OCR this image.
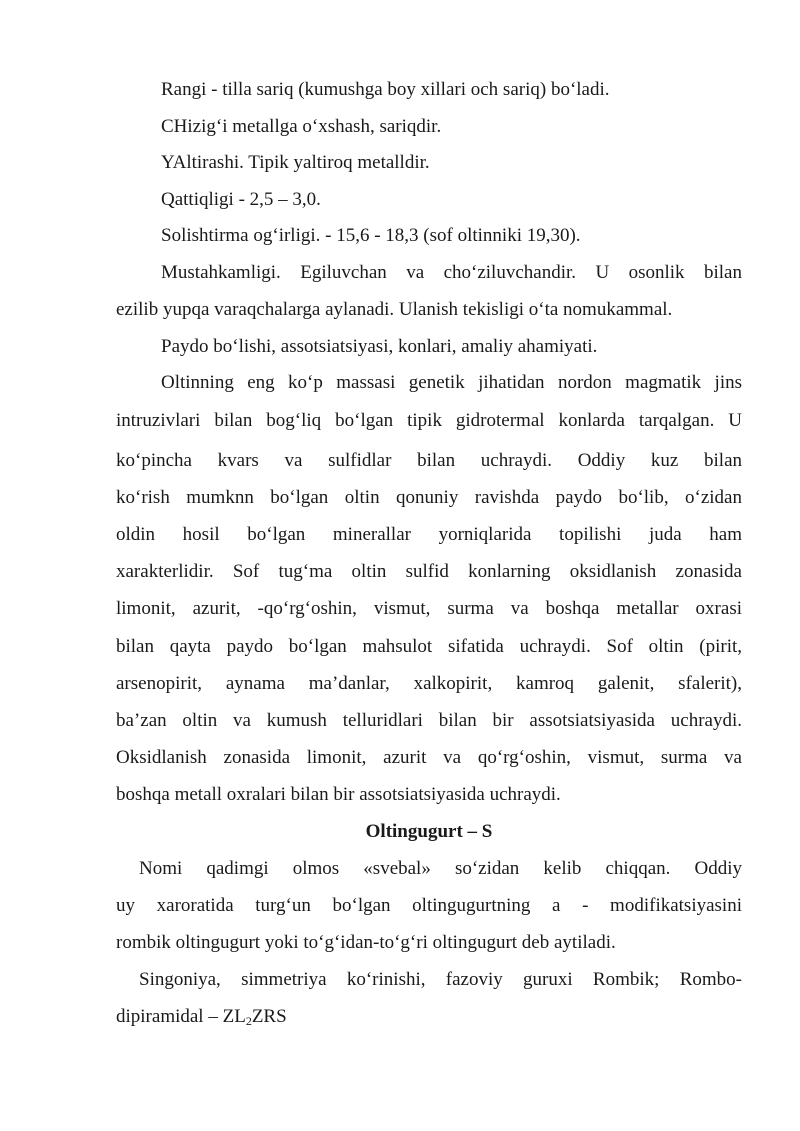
Rangi - tilla sariq (kumushga boy xillari och sariq) bo‘ladi.
CHizig‘i metallga o‘xshash, sariqdir.
YAltirashi. Tipik yaltiroq metalldir.
Qattiqligi - 2,5 – 3,0.
Solishtirma og‘irligi. - 15,6 - 18,3 (sof oltinniki 19,30).
Mustahkamligi. Egiluvchan va cho‘ziluvchandir. U osonlik bilan
ezilib yupqa varaqchalarga aylanadi. Ulanish tekisligi o‘ta nomukammal.
Paydo bo‘lishi, assotsiatsiyasi, konlari, amaliy ahamiyati.
Oltinning eng ko‘p massasi genetik jihatidan nordon magmatik jins
intruzivlari bilan bog‘liq bo‘lgan tipik gidrotermal konlarda tarqalgan. U
ko‘pincha kvars va sulfidlar bilan uchraydi. Oddiy kuz bilan
ko‘rish mumknn bo‘lgan oltin qonuniy ravishda paydo bo‘lib, o‘zidan
oldin hosil bo‘lgan minerallar yorniqlarida topilishi juda ham
xarakterlidir. Sof tug‘ma oltin sulfid konlarning oksidlanish zonasida
limonit, azurit, -qo‘rg‘oshin, vismut, surma va boshqa metallar oxrasi
bilan qayta paydo bo‘lgan mahsulot sifatida uchraydi. Sof oltin (pirit,
arsenopirit, aynama ma’danlar, xalkopirit, kamroq galenit, sfalerit),
ba’zan oltin va kumush telluridlari bilan bir assotsiatsiyasida uchraydi.
Oksidlanish zonasida limonit, azurit va qo‘rg‘oshin, vismut, surma va
boshqa metall oxralari bilan bir assotsiatsiyasida uchraydi.
Oltingugurt – S
Nomi qadimgi olmos «svebal» so‘zidan kelib chiqqan. Oddiy
uy xaroratida turg‘un bo‘lgan oltingugurtning a - modifikatsiyasini
rombik oltingugurt yoki to‘g‘idan-to‘g‘ri oltingugurt deb aytiladi.
Singoniya, simmetriya ko‘rinishi, fazoviy guruxi Rombik; Rombo-
dipiramidal – $ZL_2ZRS$
